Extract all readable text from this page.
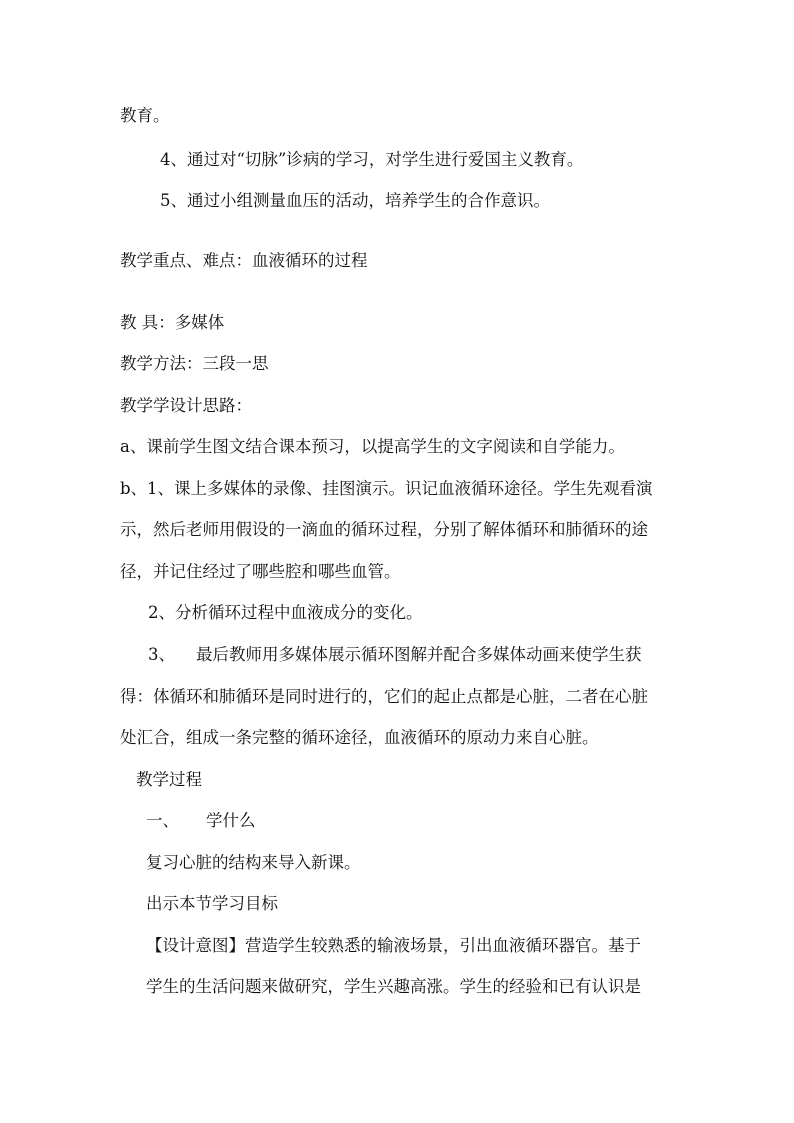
教育。
4、通过对“切脉”诊病的学习，对学生进行爱国主义教育。
5、通过小组测量血压的活动，培养学生的合作意识。
教学重点、难点：血液循环的过程
教 具：多媒体
教学方法：三段一思
教学学设计思路：
a、课前学生图文结合课本预习，以提高学生的文字阅读和自学能力。
b、1、课上多媒体的录像、挂图演示。识记血液循环途径。学生先观看演
示，然后老师用假设的一滴血的循环过程，分别了解体循环和肺循环的途
径，并记住经过了哪些腔和哪些血管。
2、分析循环过程中血液成分的变化。
3、 最后教师用多媒体展示循环图解并配合多媒体动画来使学生获
得：体循环和肺循环是同时进行的，它们的起止点都是心脏，二者在心脏
处汇合，组成一条完整的循环途径，血液循环的原动力来自心脏。
教学过程
一、 学什么
复习心脏的结构来导入新课。
出示本节学习目标
【设计意图】营造学生较熟悉的输液场景，引出血液循环器官。基于
学生的生活问题来做研究，学生兴趣高涨。学生的经验和已有认识是
